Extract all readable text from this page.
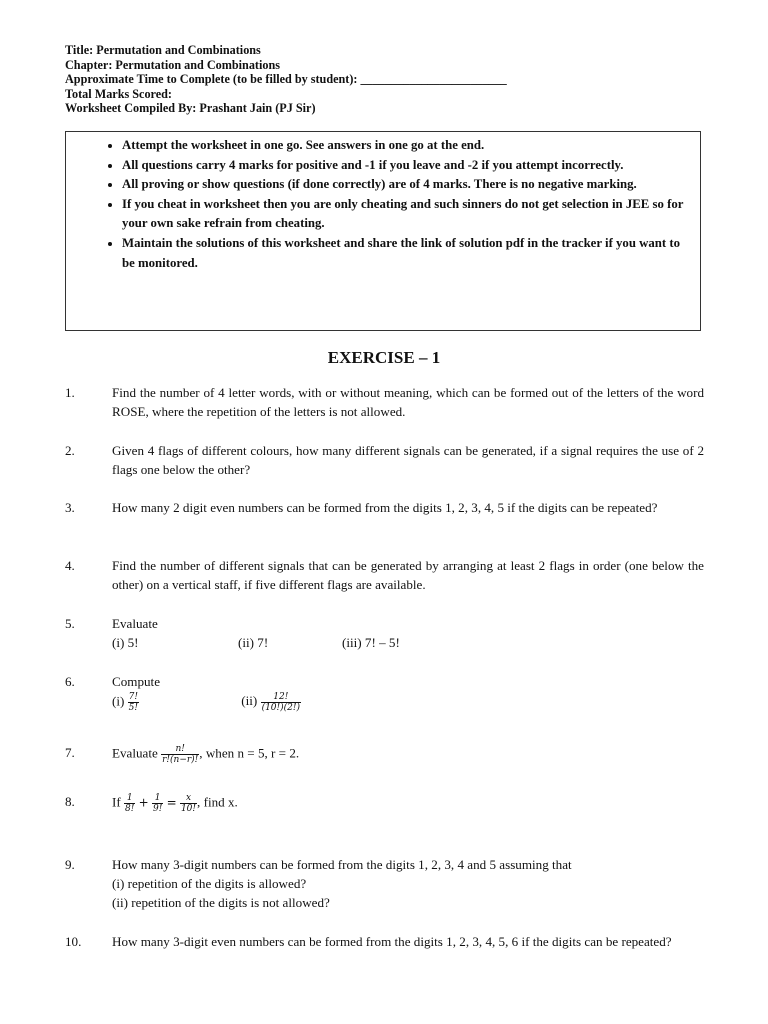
Title: Permutation and Combinations
Chapter: Permutation and Combinations
Approximate Time to Complete (to be filled by student): ________________________
Total Marks Scored:
Worksheet Compiled By: Prashant Jain (PJ Sir)
• Attempt the worksheet in one go. See answers in one go at the end.
• All questions carry 4 marks for positive and -1 if you leave and -2 if you attempt incorrectly.
• All proving or show questions (if done correctly) are of 4 marks. There is no negative marking.
• If you cheat in worksheet then you are only cheating and such sinners do not get selection in JEE so for your own sake refrain from cheating.
• Maintain the solutions of this worksheet and share the link of solution pdf in the tracker if you want to be monitored.
EXERCISE – 1
1.	Find the number of 4 letter words, with or without meaning, which can be formed out of the letters of the word ROSE, where the repetition of the letters is not allowed.
2.	Given 4 flags of different colours, how many different signals can be generated, if a signal requires the use of 2 flags one below the other?
3.	How many 2 digit even numbers can be formed from the digits 1, 2, 3, 4, 5 if the digits can be repeated?
4.	Find the number of different signals that can be generated by arranging at least 2 flags in order (one below the other) on a vertical staff, if five different flags are available.
5.	Evaluate
(i) 5!	(ii) 7!	(iii) 7! – 5!
6.	Compute
$(i) \frac{7!}{5!}$	$(ii) \frac{12!}{(10!)(2!)}$
7.	Evaluate $\frac{n!}{r!(n-r)!}$ , when n = 5, r = 2.
8.	If $\frac{1}{8!} + \frac{1}{9!} = \frac{x}{10!}$ , find x.
9.	How many 3-digit numbers can be formed from the digits 1, 2, 3, 4 and 5 assuming that
(i) repetition of the digits is allowed?
(ii) repetition of the digits is not allowed?
10. How many 3-digit even numbers can be formed from the digits 1, 2, 3, 4, 5, 6 if the digits can be repeated?
